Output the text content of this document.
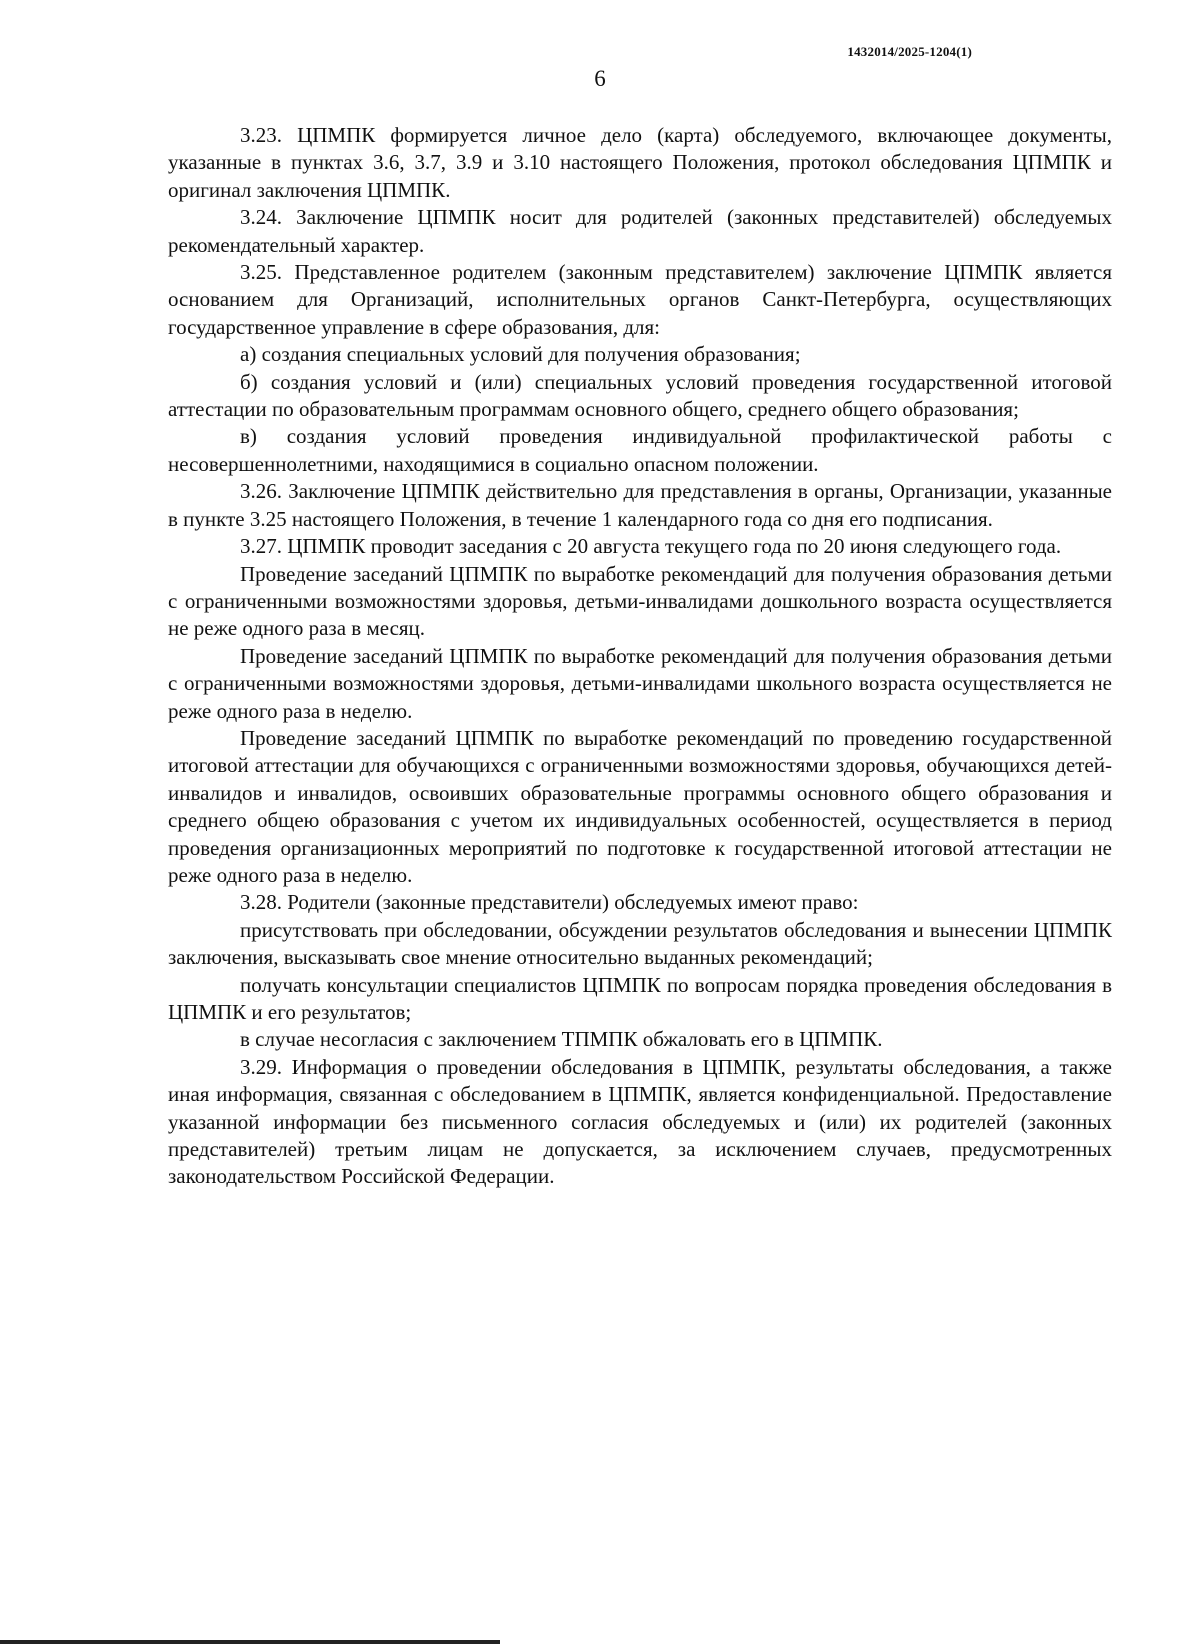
1432014/2025-1204(1)
6

3.23. ЦПМПК формируется личное дело (карта) обследуемого, включающее документы, указанные в пунктах 3.6, 3.7, 3.9 и 3.10 настоящего Положения, протокол обследования ЦПМПК и оригинал заключения ЦПМПК.

3.24. Заключение ЦПМПК носит для родителей (законных представителей) обследуемых рекомендательный характер.

3.25. Представленное родителем (законным представителем) заключение ЦПМПК является основанием для Организаций, исполнительных органов Санкт-Петербурга, осуществляющих государственное управление в сфере образования, для:

а) создания специальных условий для получения образования;

б) создания условий и (или) специальных условий проведения государственной итоговой аттестации по образовательным программам основного общего, среднего общего образования;

в) создания условий проведения индивидуальной профилактической работы с несовершеннолетними, находящимися в социально опасном положении.

3.26. Заключение ЦПМПК действительно для представления в органы, Организации, указанные в пункте 3.25 настоящего Положения, в течение 1 календарного года со дня его подписания.

3.27. ЦПМПК проводит заседания с 20 августа текущего года по 20 июня следующего года.

Проведение заседаний ЦПМПК по выработке рекомендаций для получения образования детьми с ограниченными возможностями здоровья, детьми-инвалидами дошкольного возраста осуществляется не реже одного раза в месяц.

Проведение заседаний ЦПМПК по выработке рекомендаций для получения образования детьми с ограниченными возможностями здоровья, детьми-инвалидами школьного возраста осуществляется не реже одного раза в неделю.

Проведение заседаний ЦПМПК по выработке рекомендаций по проведению государственной итоговой аттестации для обучающихся с ограниченными возможностями здоровья, обучающихся детей-инвалидов и инвалидов, освоивших образовательные программы основного общего образования и среднего общею образования с учетом их индивидуальных особенностей, осуществляется в период проведения организационных мероприятий по подготовке к государственной итоговой аттестации не реже одного раза в неделю.

3.28. Родители (законные представители) обследуемых имеют право:

присутствовать при обследовании, обсуждении результатов обследования и вынесении ЦПМПК заключения, высказывать свое мнение относительно выданных рекомендаций;

получать консультации специалистов ЦПМПК по вопросам порядка проведения обследования в ЦПМПК и его результатов;

в случае несогласия с заключением ТПМПК обжаловать его в ЦПМПК.

3.29. Информация о проведении обследования в ЦПМПК, результаты обследования, а также иная информация, связанная с обследованием в ЦПМПК, является конфиденциальной. Предоставление указанной информации без письменного согласия обследуемых и (или) их родителей (законных представителей) третьим лицам не допускается, за исключением случаев, предусмотренных законодательством Российской Федерации.
